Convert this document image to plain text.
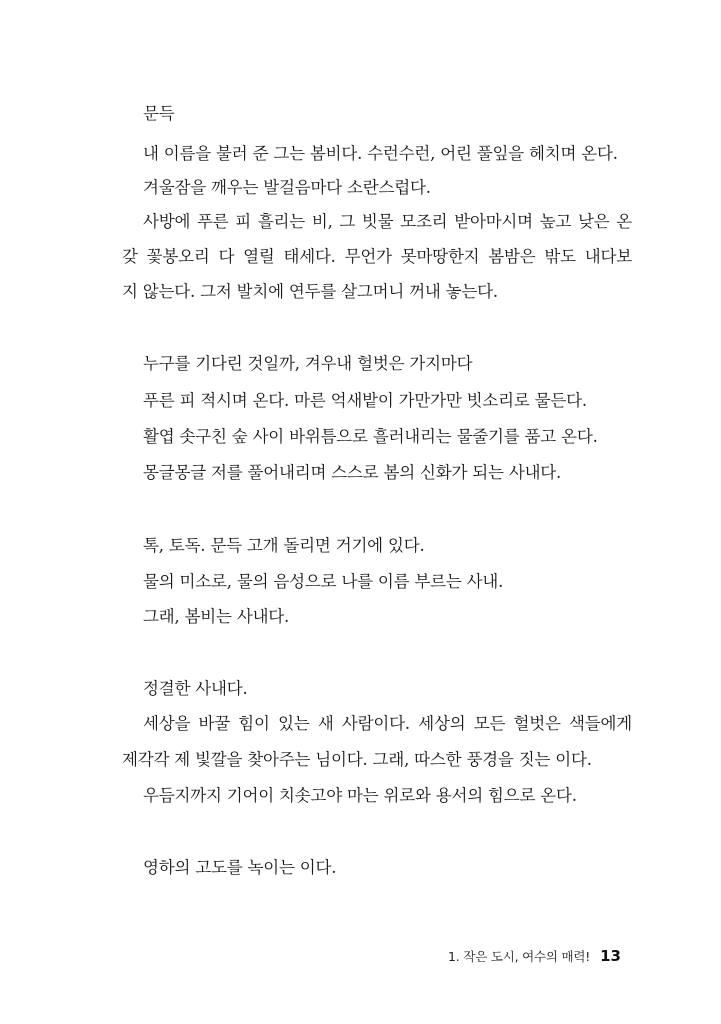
문득
내 이름을 불러 준 그는 봄비다. 수런수런, 어린 풀잎을 헤치며 온다.
겨울잠을 깨우는 발걸음마다 소란스럽다.
사방에 푸른 피 흘리는 비, 그 빗물 모조리 받아마시며 높고 낮은 온
갖 꽃봉오리 다 열릴 태세다. 무언가 못마땅한지 봄밤은 밖도 내다보
지 않는다. 그저 발치에 연두를 살그머니 꺼내 놓는다.
누구를 기다린 것일까, 겨우내 헐벗은 가지마다
푸른 피 적시며 온다. 마른 억새밭이 가만가만 빗소리로 물든다.
활엽 솟구친 숲 사이 바위틈으로 흘러내리는 물줄기를 품고 온다.
몽글몽글 저를 풀어내리며 스스로 봄의 신화가 되는 사내다.
톡, 토독. 문득 고개 돌리면 거기에 있다.
물의 미소로, 물의 음성으로 나를 이름 부르는 사내.
그래, 봄비는 사내다.
정결한 사내다.
세상을 바꿀 힘이 있는 새 사람이다. 세상의 모든 헐벗은 색들에게
제각각 제 빛깔을 찾아주는 님이다. 그래, 따스한 풍경을 짓는 이다.
우듬지까지 기어이 치솟고야 마는 위로와 용서의 힘으로 온다.
영하의 고도를 녹이는 이다.
1. 작은 도시, 여수의 매력! 13
